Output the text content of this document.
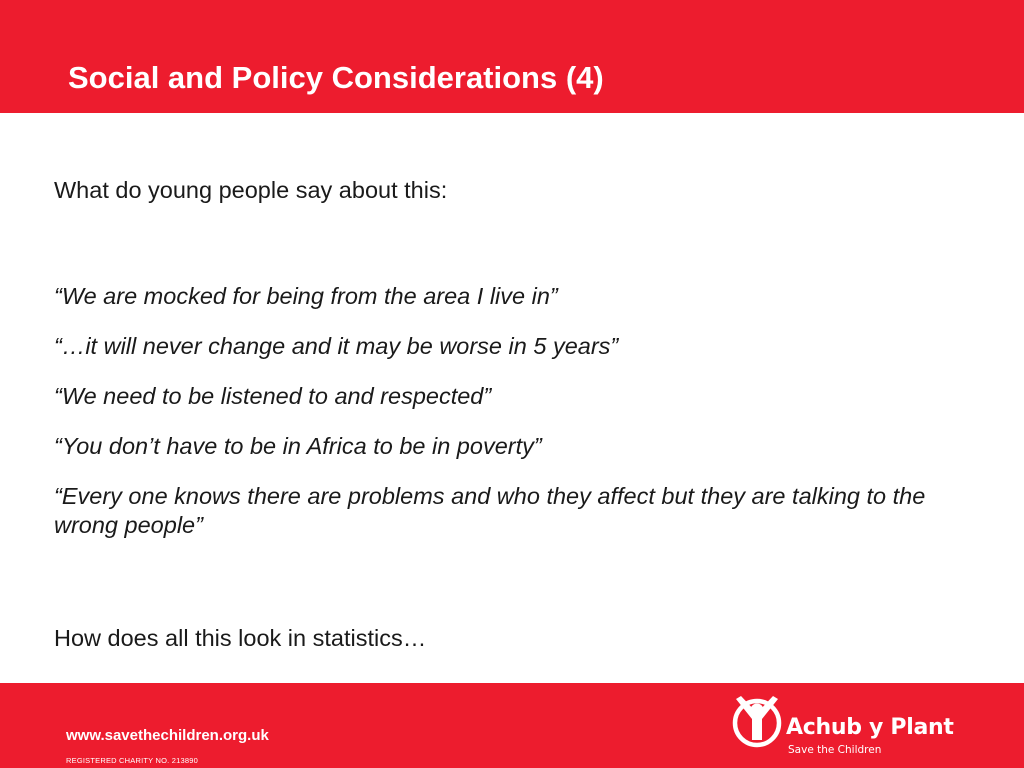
Social and Policy Considerations (4)

What do young people say about this:

“We are mocked for being from the area I live in”
“…it will never change and it may be worse in 5 years”
“We need to be listened to and respected”
“You don’t have to be in Africa to be in poverty”
“Every one knows there are problems and who they affect but they are talking to the wrong people”

How does all this look in statistics…

www.savethechildren.org.uk
REGISTERED CHARITY NO. 213890
Achub y Plant
Save the Children
